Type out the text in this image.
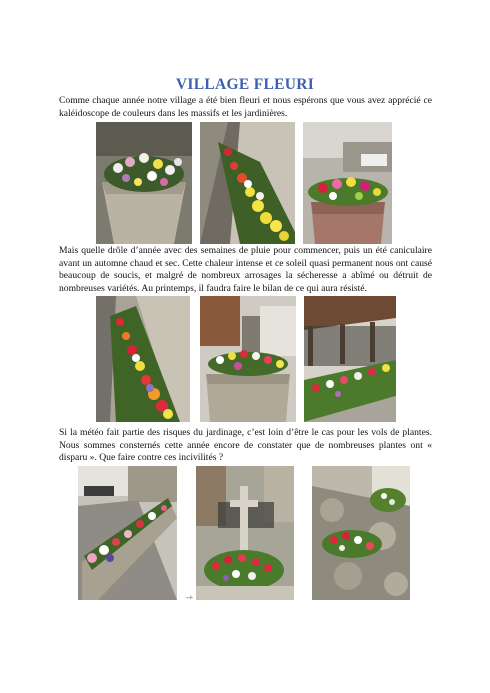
VILLAGE FLEURI

Comme chaque année notre village a été bien fleuri et nous espérons que vous avez apprécié ce kaléidoscope de couleurs dans les massifs et les jardinières.

Mais quelle drôle d’année avec des semaines de pluie pour commencer, puis un été caniculaire avant un automne chaud et sec. Cette chaleur intense et ce soleil quasi permanent nous ont causé beaucoup de soucis, et malgré de nombreux arrosages la sécheresse a abîmé ou détruit de nombreuses variétés. Au printemps, il faudra faire le bilan de ce qui aura résisté.

Si la météo fait partie des risques du jardinage, c’est loin d’être le cas pour les vols de plantes. Nous sommes consternés cette année encore de constater que de nombreuses plantes ont « disparu ». Que faire contre ces incivilités ?

-+
